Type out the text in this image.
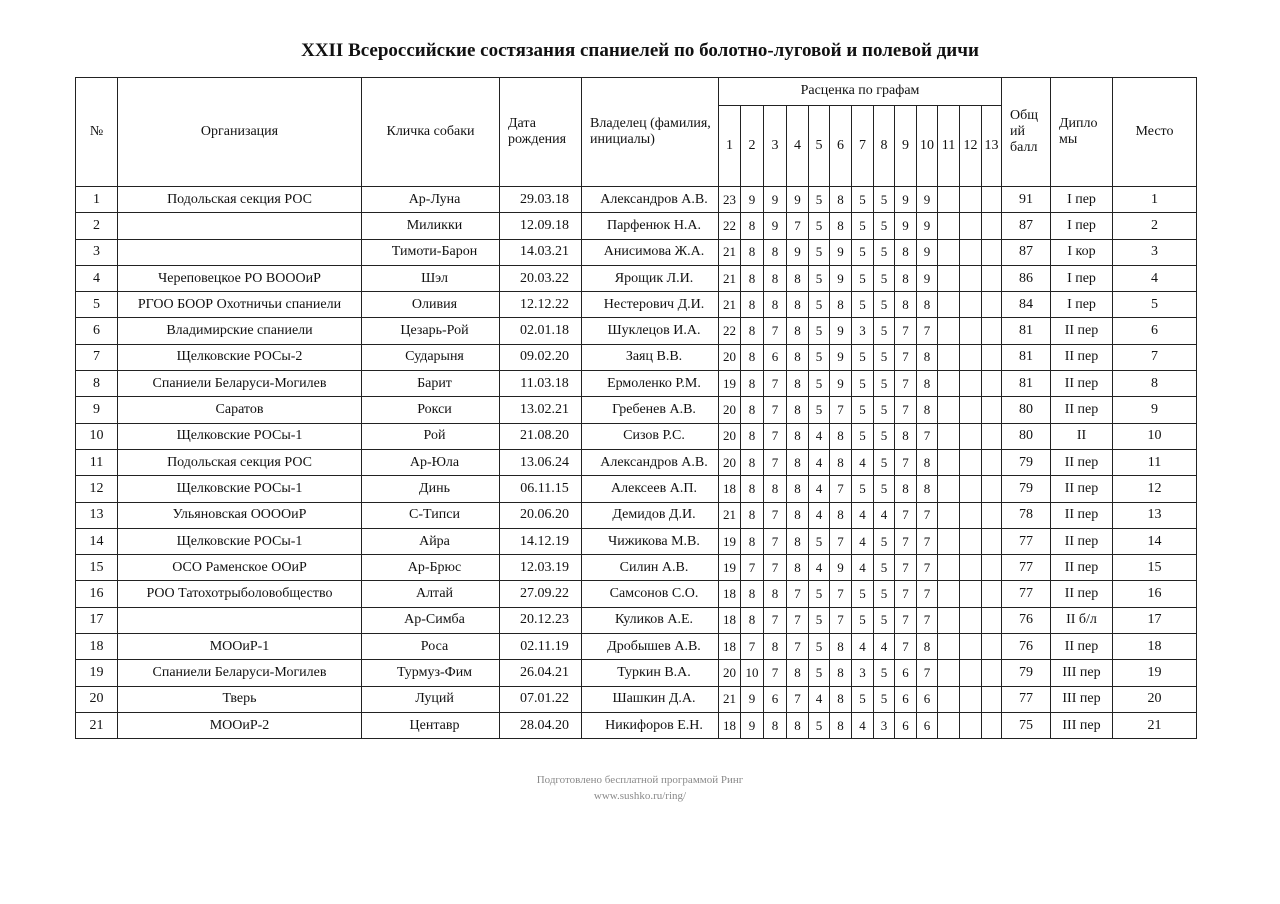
XXII Всероссийские состязания спаниелей по болотно-луговой и полевой дичи
№	Организация	Кличка собаки	Дата рождения	Владелец (фамилия, инициалы)	Расценка по графам													Общ ий балл	Дипло мы	Место
					1	2	3	4	5	6	7	8	9	10	11	12	13			
1	Подольская секция РОС	Ар-Луна	29.03.18	Александров А.В.	23	9	9	9	5	8	5	5	9	9				91	I пер	1
2		Миликки	12.09.18	Парфенюк Н.А.	22	8	9	7	5	8	5	5	9	9				87	I пер	2
3		Тимоти-Барон	14.03.21	Анисимова Ж.А.	21	8	8	9	5	9	5	5	8	9				87	I кор	3
4	Череповецкое РО ВОООиР	Шэл	20.03.22	Ярощик Л.И.	21	8	8	8	5	9	5	5	8	9				86	I пер	4
5	РГОО БООР Охотничьи спаниели	Оливия	12.12.22	Нестерович Д.И.	21	8	8	8	5	8	5	5	8	8				84	I пер	5
6	Владимирские спаниели	Цезарь-Рой	02.01.18	Шуклецов И.А.	22	8	7	8	5	9	3	5	7	7				81	II пер	6
7	Щелковские РОСы-2	Сударыня	09.02.20	Заяц В.В.	20	8	6	8	5	9	5	5	7	8				81	II пер	7
8	Спаниели Беларуси-Могилев	Барит	11.03.18	Ермоленко Р.М.	19	8	7	8	5	9	5	5	7	8				81	II пер	8
9	Саратов	Рокси	13.02.21	Гребенев А.В.	20	8	7	8	5	7	5	5	7	8				80	II пер	9
10	Щелковские РОСы-1	Рой	21.08.20	Сизов Р.С.	20	8	7	8	4	8	5	5	8	7				80	II	10
11	Подольская секция РОС	Ар-Юла	13.06.24	Александров А.В.	20	8	7	8	4	8	4	5	7	8				79	II пер	11
12	Щелковские РОСы-1	Динь	06.11.15	Алексеев А.П.	18	8	8	8	4	7	5	5	8	8				79	II пер	12
13	Ульяновская ООООиР	С-Типси	20.06.20	Демидов Д.И.	21	8	7	8	4	8	4	4	7	7				78	II пер	13
14	Щелковские РОСы-1	Айра	14.12.19	Чижикова М.В.	19	8	7	8	5	7	4	5	7	7				77	II пер	14
15	ОСО Раменское ООиР	Ар-Брюс	12.03.19	Силин А.В.	19	7	7	8	4	9	4	5	7	7				77	II пер	15
16	РОО Татохотрыболовобщество	Алтай	27.09.22	Самсонов С.О.	18	8	8	7	5	7	5	5	7	7				77	II пер	16
17		Ар-Симба	20.12.23	Куликов А.Е.	18	8	7	7	5	7	5	5	7	7				76	II б/л	17
18	МООиР-1	Роса	02.11.19	Дробышев А.В.	18	7	8	7	5	8	4	4	7	8				76	II пер	18
19	Спаниели Беларуси-Могилев	Турмуз-Фим	26.04.21	Туркин В.А.	20	10	7	8	5	8	3	5	6	7				79	III пер	19
20	Тверь	Луций	07.01.22	Шашкин Д.А.	21	9	6	7	4	8	5	5	6	6				77	III пер	20
21	МООиР-2	Центавр	28.04.20	Никифоров Е.Н.	18	9	8	8	5	8	4	3	6	6				75	III пер	21
Подготовлено бесплатной программой Ринг
www.sushko.ru/ring/
